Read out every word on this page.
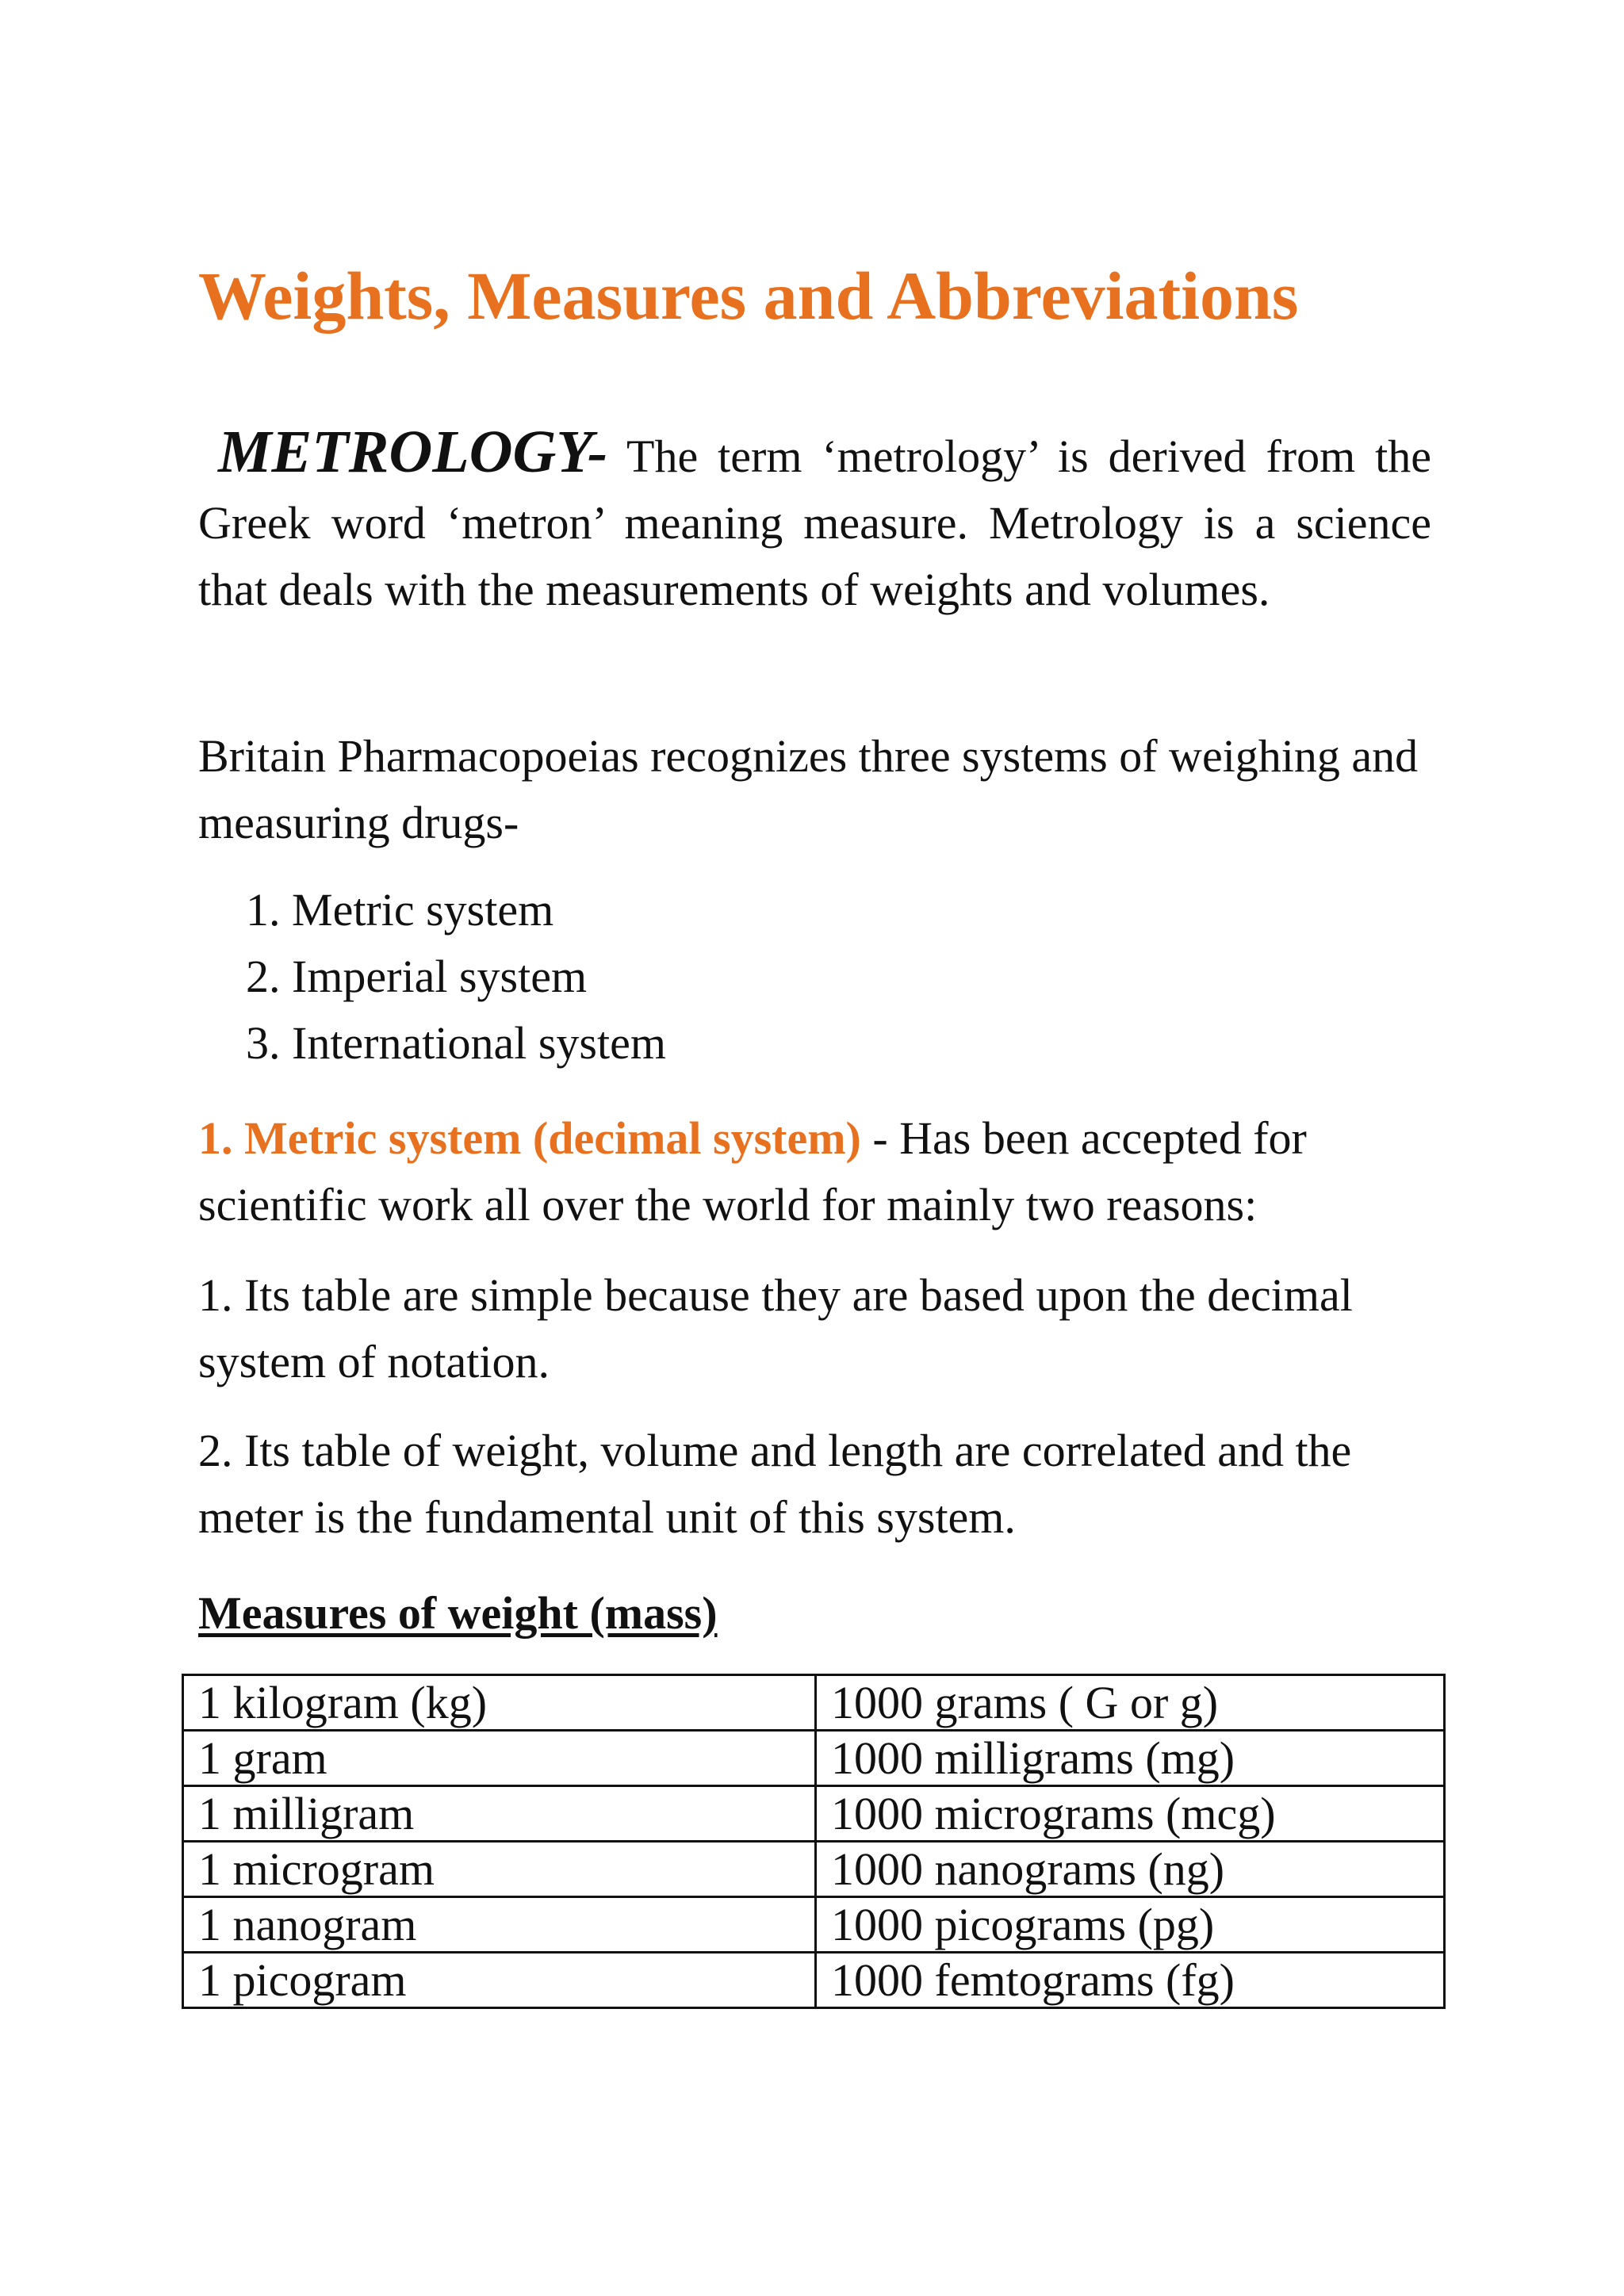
Weights, Measures and Abbreviations

METROLOGY- The term ‘metrology’ is derived from the Greek word ‘metron’ meaning measure. Metrology is a science that deals with the measurements of weights and volumes.

Britain Pharmacopoeias recognizes three systems of weighing and measuring drugs-

1. Metric system
2. Imperial system
3. International system

1. Metric system (decimal system) - Has been accepted for scientific work all over the world for mainly two reasons:

1. Its table are simple because they are based upon the decimal system of notation.

2. Its table of weight, volume and length are correlated and the meter is the fundamental unit of this system.

Measures of weight (mass)
1 kilogram (kg)	1000 grams ( G or g)
1 gram	1000 milligrams (mg)
1 milligram	1000 micrograms (mcg)
1 microgram	1000 nanograms (ng)
1 nanogram	1000 picograms (pg)
1 picogram	1000 femtograms (fg)
